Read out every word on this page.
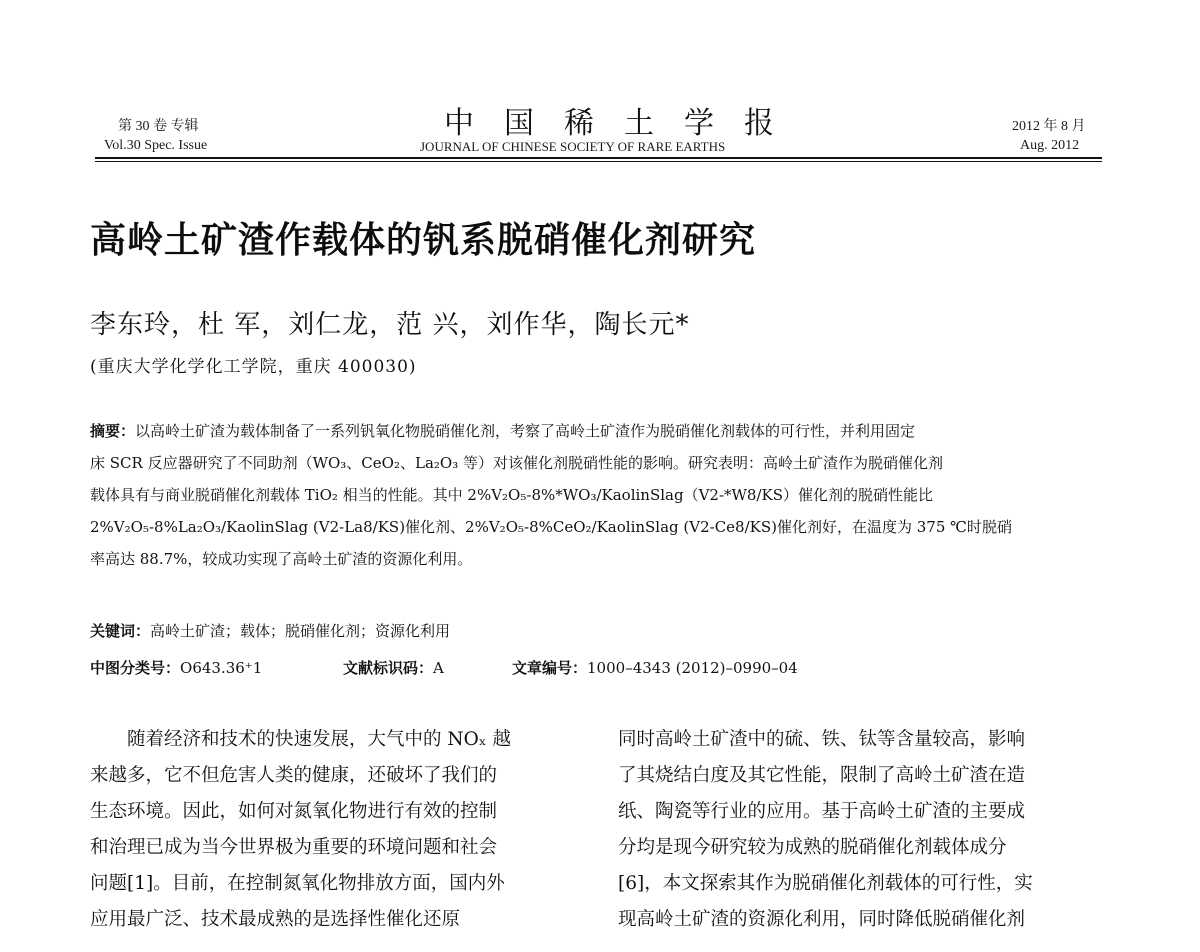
第 30 卷 专辑
Vol.30 Spec. Issue
中国稀土学报
JOURNAL OF CHINESE SOCIETY OF RARE EARTHS
2012 年 8 月
Aug. 2012
高岭土矿渣作载体的钒系脱硝催化剂研究
李东玲，杜 军，刘仁龙，范 兴，刘作华，陶长元*
(重庆大学化学化工学院，重庆 400030)
摘要：以高岭土矿渣为载体制备了一系列钒氧化物脱硝催化剂，考察了高岭土矿渣作为脱硝催化剂载体的可行性，并利用固定
床 SCR 反应器研究了不同助剂（WO₃、CeO₂、La₂O₃ 等）对该催化剂脱硝性能的影响。研究表明：高岭土矿渣作为脱硝催化剂
载体具有与商业脱硝催化剂载体 TiO₂ 相当的性能。其中 2%V₂O₅-8%*WO₃/KaolinSlag（V2-*W8/KS）催化剂的脱硝性能比
2%V₂O₅-8%La₂O₃/KaolinSlag (V2-La8/KS)催化剂、2%V₂O₅-8%CeO₂/KaolinSlag (V2-Ce8/KS)催化剂好，在温度为 375 ℃时脱硝
率高达 88.7%，较成功实现了高岭土矿渣的资源化利用。
关键词：高岭土矿渣；载体；脱硝催化剂；资源化利用
中图分类号：O643.36⁺1	文献标识码：A	文章编号：1000–4343 (2012)–0990–04
　　随着经济和技术的快速发展，大气中的 NOₓ 越
来越多，它不但危害人类的健康，还破坏了我们的
生态环境。因此，如何对氮氧化物进行有效的控制
和治理已成为当今世界极为重要的环境问题和社会
问题[1]。目前，在控制氮氧化物排放方面，国内外
应用最广泛、技术最成熟的是选择性催化还原
同时高岭土矿渣中的硫、铁、钛等含量较高，影响
了其烧结白度及其它性能，限制了高岭土矿渣在造
纸、陶瓷等行业的应用。基于高岭土矿渣的主要成
分均是现今研究较为成熟的脱硝催化剂载体成分
[6]，本文探索其作为脱硝催化剂载体的可行性，实
现高岭土矿渣的资源化利用，同时降低脱硝催化剂
